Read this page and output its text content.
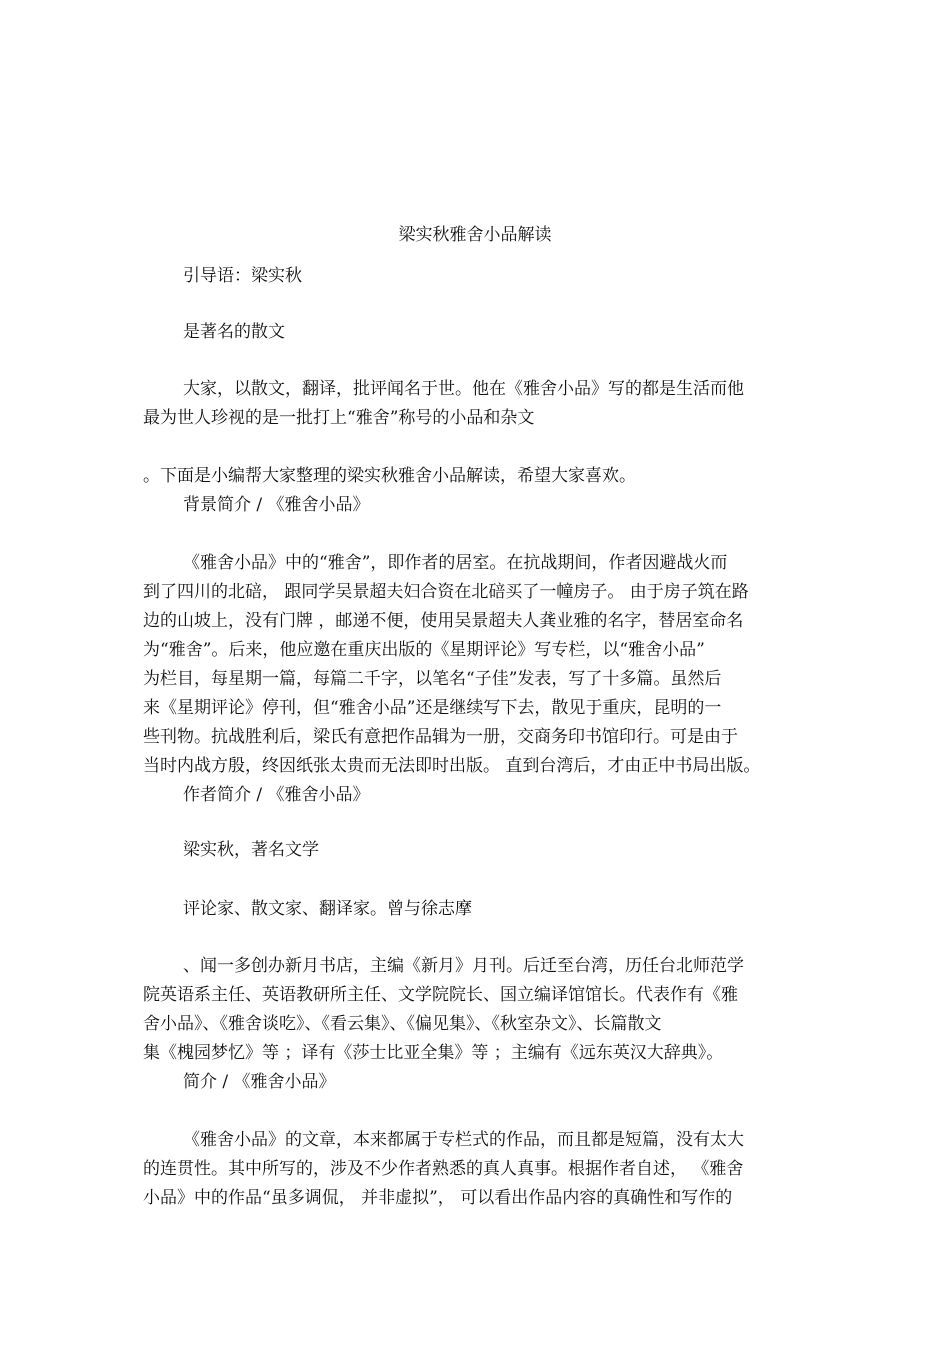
梁实秋雅舍小品解读
引导语：梁实秋
是著名的散文
大家，以散文，翻译，批评闻名于世。他在《雅舍小品》写的都是生活而他
最为世人珍视的是一批打上“雅舍”称号的小品和杂文
。下面是小编帮大家整理的梁实秋雅舍小品解读，希望大家喜欢。
背景简介 / 《雅舍小品》
《雅舍小品》中的“雅舍”，即作者的居室。在抗战期间，作者因避战火而
到了四川的北碚， 跟同学吴景超夫妇合资在北碚买了一幢房子。 由于房子筑在路
边的山坡上，没有门牌 ，邮递不便，使用吴景超夫人龚业雅的名字，替居室命名
为“雅舍”。后来，他应邀在重庆出版的《星期评论》写专栏，以“雅舍小品”
为栏目，每星期一篇，每篇二千字，以笔名“子佳”发表，写了十多篇。虽然后
来《星期评论》停刊，但“雅舍小品”还是继续写下去，散见于重庆，昆明的一
些刊物。抗战胜利后，梁氏有意把作品辑为一册，交商务印书馆印行。可是由于
当时内战方殷，终因纸张太贵而无法即时出版。 直到台湾后，才由正中书局出版。
作者简介 / 《雅舍小品》
梁实秋，著名文学
评论家、散文家、翻译家。曾与徐志摩
、闻一多创办新月书店，主编《新月》月刊。后迁至台湾，历任台北师范学
院英语系主任、英语教研所主任、文学院院长、国立编译馆馆长。代表作有《雅
舍小品》、《雅舍谈吃》、《看云集》、《偏见集》、《秋室杂文》、长篇散文
集《槐园梦忆》等 ；译有《莎士比亚全集》等 ；主编有《远东英汉大辞典》。
简介 / 《雅舍小品》
《雅舍小品》的文章，本来都属于专栏式的作品，而且都是短篇，没有太大
的连贯性。其中所写的，涉及不少作者熟悉的真人真事。根据作者自述， 《雅舍
小品》中的作品“虽多调侃， 并非虚拟”， 可以看出作品内容的真确性和写作的
